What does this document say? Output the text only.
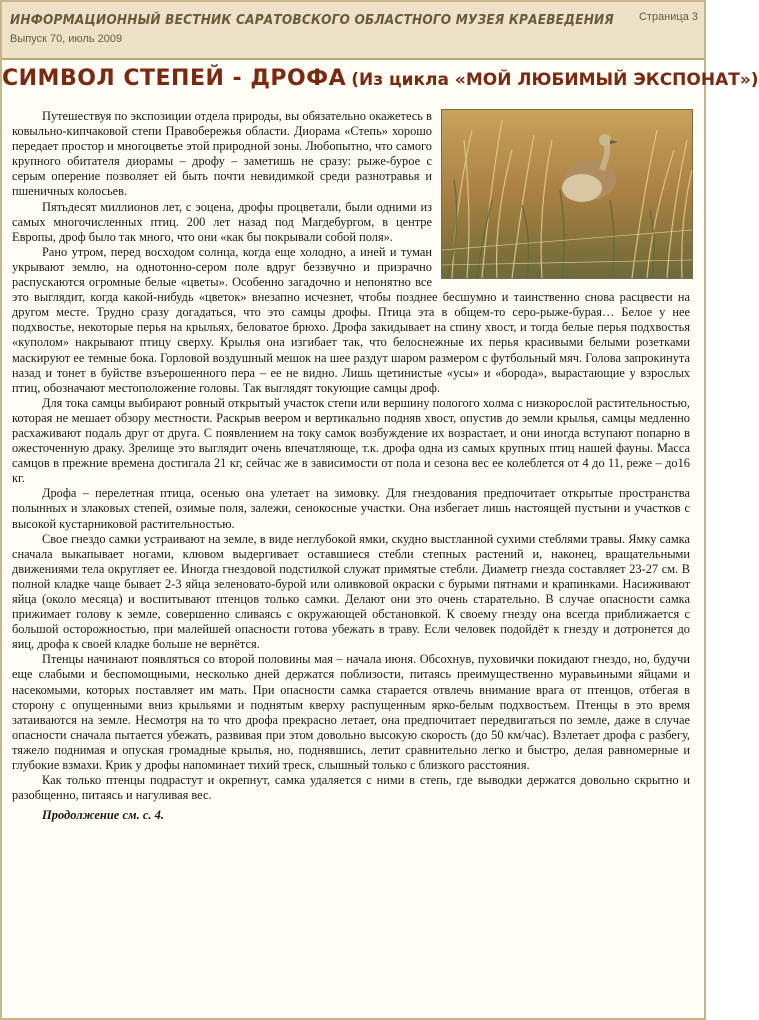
ИНФОРМАЦИОННЫЙ ВЕСТНИК САРАТОВСКОГО ОБЛАСТНОГО МУЗЕЯ КРАЕВЕДЕНИЯ
Выпуск 70, июль 2009
Страница 3
СИМВОЛ СТЕПЕЙ - ДРОФА (Из цикла «МОЙ ЛЮБИМЫЙ ЭКСПОНАТ»)

Путешествуя по экспозиции отдела природы, вы обязательно окажетесь в ковыльно-кипчаковой степи Правобережья области. Диорама «Степь» хорошо передает простор и многоцветье этой природной зоны. Любопытно, что самого крупного обитателя диорамы – дрофу – заметишь не сразу: рыже-бурое с серым оперение позволяет ей быть почти невидимкой среди разнотравья и пшеничных колосьев.

Пятьдесят миллионов лет, с эоцена, дрофы процветали, были одними из самых многочисленных птиц. 200 лет назад под Магдебургом, в центре Европы, дроф было так много, что они «как бы покрывали собой поля».

Рано утром, перед восходом солнца, когда еще холодно, а иней и туман укрывают землю, на однотонно-сером поле вдруг беззвучно и призрачно распускаются огромные белые «цветы». Особенно загадочно и непонятно все это выглядит, когда какой-нибудь «цветок» внезапно исчезнет, чтобы позднее бесшумно и таинственно снова расцвести на другом месте. Трудно сразу догадаться, что это самцы дрофы. Птица эта в общем-то серо-рыже-бурая… Белое у нее подхвостье, некоторые перья на крыльях, беловатое брюхо. Дрофа закидывает на спину хвост, и тогда белые перья подхвостья «куполом» накрывают птицу сверху. Крылья она изгибает так, что белоснежные их перья красивыми белыми розетками маскируют ее темные бока. Горловой воздушный мешок на шее раздут шаром размером с футбольный мяч. Голова запрокинута назад и тонет в буйстве взъерошенного пера – ее не видно. Лишь щетинистые «усы» и «борода», вырастающие у взрослых птиц, обозначают местоположение головы. Так выглядят токующие самцы дроф.

Для тока самцы выбирают ровный открытый участок степи или вершину пологого холма с низкорослой растительностью, которая не мешает обзору местности. Раскрыв веером и вертикально подняв хвост, опустив до земли крылья, самцы медленно расхаживают подаль друг от друга. С появлением на току самок возбуждение их возрастает, и они иногда вступают попарно в ожесточенную драку. Зрелище это выглядит очень впечатляюще, т.к. дрофа одна из самых крупных птиц нашей фауны. Масса самцов в прежние времена достигала 21 кг, сейчас же в зависимости от пола и сезона вес ее колеблется от 4 до 11, реже – до16 кг.

Дрофа – перелетная птица, осенью она улетает на зимовку. Для гнездования предпочитает открытые пространства полынных и злаковых степей, озимые поля, залежи, сенокосные участки. Она избегает лишь настоящей пустыни и участков с высокой кустарниковой растительностью.

Свое гнездо самки устраивают на земле, в виде неглубокой ямки, скудно выстланной сухими стеблями травы. Ямку самка сначала выкапывает ногами, клювом выдергивает оставшиеся стебли степных растений и, наконец, вращательными движениями тела округляет ее. Иногда гнездовой подстилкой служат примятые стебли. Диаметр гнезда составляет 23-27 см. В полной кладке чаще бывает 2-3 яйца зеленовато-бурой или оливковой окраски с бурыми пятнами и крапинками. Насиживают яйца (около месяца) и воспитывают птенцов только самки. Делают они это очень старательно. В случае опасности самка прижимает голову к земле, совершенно сливаясь с окружающей обстановкой. К своему гнезду она всегда приближается с большой осторожностью, при малейшей опасности готова убежать в траву. Если человек подойдёт к гнезду и дотронется до яиц, дрофа к своей кладке больше не вернётся.

Птенцы начинают появляться со второй половины мая – начала июня. Обсохнув, пуховички покидают гнездо, но, будучи еще слабыми и беспомощными, несколько дней держатся поблизости, питаясь преимущественно муравьиными яйцами и насекомыми, которых поставляет им мать. При опасности самка старается отвлечь внимание врага от птенцов, отбегая в сторону с опущенными вниз крыльями и поднятым кверху распущенным ярко-белым подхвостьем. Птенцы в это время затаиваются на земле. Несмотря на то что дрофа прекрасно летает, она предпочитает передвигаться по земле, даже в случае опасности сначала пытается убежать, развивая при этом довольно высокую скорость (до 50 км/час). Взлетает дрофа с разбегу, тяжело поднимая и опуская громадные крылья, но, поднявшись, летит сравнительно легко и быстро, делая равномерные и глубокие взмахи. Крик у дрофы напоминает тихий треск, слышный только с близкого расстояния.

Как только птенцы подрастут и окрепнут, самка удаляется с ними в степь, где выводки держатся довольно скрытно и разобщенно, питаясь и нагуливая вес.

Продолжение см. с. 4.
